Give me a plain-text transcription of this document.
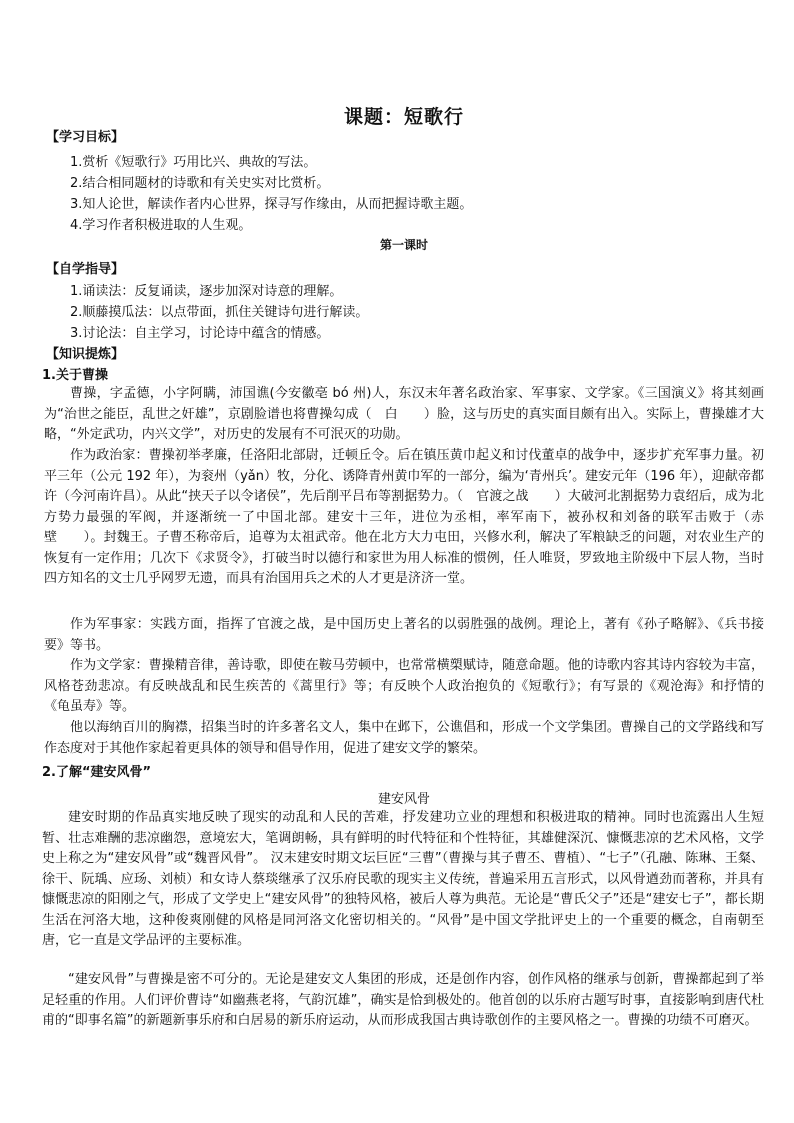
课题：短歌行
【学习目标】
1.赏析《短歌行》巧用比兴、典故的写法。
2.结合相同题材的诗歌和有关史实对比赏析。
3.知人论世，解读作者内心世界，探寻写作缘由，从而把握诗歌主题。
4.学习作者积极进取的人生观。
第一课时
【自学指导】
1.诵读法：反复诵读，逐步加深对诗意的理解。
2.顺藤摸瓜法：以点带面，抓住关键诗句进行解读。
3.讨论法：自主学习，讨论诗中蕴含的情感。
【知识提炼】
1.关于曹操

曹操，字孟德，小字阿瞒，沛国谯(今安徽亳 bó 州)人，东汉末年著名政治家、军事家、文学家。《三国演义》将其刻画为“治世之能臣，乱世之奸雄”，京剧脸谱也将曹操勾成（　白　　）脸，这与历史的真实面目颇有出入。实际上，曹操雄才大略，“外定武功，内兴文学”，对历史的发展有不可泯灭的功勋。

作为政治家：曹操初举孝廉，任洛阳北部尉，迁顿丘令。后在镇压黄巾起义和讨伐董卓的战争中，逐步扩充军事力量。初平三年（公元 192 年），为衮州（yǎn）牧，分化、诱降青州黄巾军的一部分，编为‘青州兵’。建安元年（196 年），迎献帝都许（今河南许昌）。从此“挟天子以令诸侯”，先后削平吕布等割据势力。（　官渡之战　　）大破河北割据势力袁绍后，成为北方势力最强的军阀，并逐渐统一了中国北部。建安十三年，进位为丞相，率军南下，被孙权和刘备的联军击败于（赤壁　　）。封魏王。子曹丕称帝后，追尊为太祖武帝。他在北方大力屯田，兴修水利，解决了军粮缺乏的问题，对农业生产的恢复有一定作用；几次下《求贤令》，打破当时以德行和家世为用人标准的惯例，任人唯贤，罗致地主阶级中下层人物，当时四方知名的文士几乎网罗无遗，而具有治国用兵之术的人才更是济济一堂。

作为军事家：实践方面，指挥了官渡之战，是中国历史上著名的以弱胜强的战例。理论上，著有《孙子略解》、《兵书接要》等书。

作为文学家：曹操精音律，善诗歌，即使在鞍马劳顿中，也常常横槊赋诗，随意命题。他的诗歌内容其诗内容较为丰富，风格苍劲悲凉。有反映战乱和民生疾苦的《蒿里行》等；有反映个人政治抱负的《短歌行》；有写景的《观沧海》和抒情的《龟虽寿》等。

他以海纳百川的胸襟，招集当时的许多著名文人，集中在邺下，公谯倡和，形成一个文学集团。曹操自己的文学路线和写作态度对于其他作家起着更具体的领导和倡导作用，促进了建安文学的繁荣。

2.了解“建安风骨”
建安风骨

建安时期的作品真实地反映了现实的动乱和人民的苦难，抒发建功立业的理想和积极进取的精神。同时也流露出人生短暂、壮志难酬的悲凉幽怨，意境宏大，笔调朗畅，具有鲜明的时代特征和个性特征，其雄健深沉、慷慨悲凉的艺术风格，文学史上称之为“建安风骨”或“魏晋风骨”。 汉末建安时期文坛巨匠“三曹”（曹操与其子曹丕、曹植）、“七子”（孔融、陈琳、王粲、徐干、阮瑀、应玚、刘桢）和女诗人蔡琰继承了汉乐府民歌的现实主义传统，普遍采用五言形式，以风骨遒劲而著称，并具有慷慨悲凉的阳刚之气，形成了文学史上“建安风骨”的独特风格，被后人尊为典范。无论是“曹氏父子”还是“建安七子”，都长期生活在河洛大地，这种俊爽刚健的风格是同河洛文化密切相关的。“风骨”是中国文学批评史上的一个重要的概念，自南朝至唐，它一直是文学品评的主要标准。

“建安风骨”与曹操是密不可分的。无论是建安文人集团的形成，还是创作内容，创作风格的继承与创新，曹操都起到了举足轻重的作用。人们评价曹诗“如幽燕老将，气韵沉雄”，确实是恰到极处的。他首创的以乐府古题写时事，直接影响到唐代杜甫的“即事名篇”的新题新事乐府和白居易的新乐府运动，从而形成我国古典诗歌创作的主要风格之一。曹操的功绩不可磨灭。
